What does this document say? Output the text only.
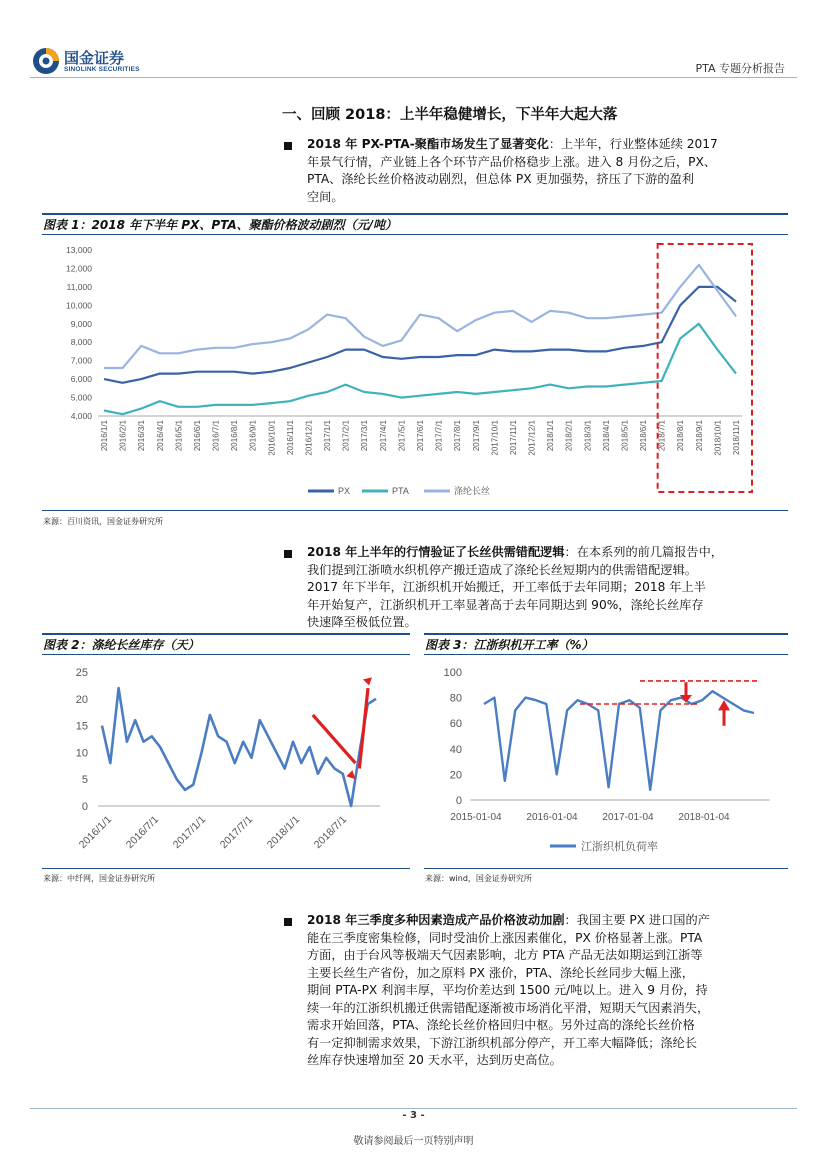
国金证券
SINOLINK SECURITIES	PTA 专题分析报告
一、回顾 2018：上半年稳健增长，下半年大起大落
2018 年 PX-PTA-聚酯市场发生了显著变化：上半年，行业整体延续 2017
年景气行情，产业链上各个环节产品价格稳步上涨。进入 8 月份之后，PX、
PTA、涤纶长丝价格波动剧烈，但总体 PX 更加强势，挤压了下游的盈利
空间。
图表 1：2018 年下半年 PX、PTA、聚酯价格波动剧烈（元/吨）
13,000
12,000
11,000
10,000
9,000
8,000
7,000
6,000
5,000
4,000
2016/1/1 2016/2/1 2016/3/1 2016/4/1 2016/5/1 2016/6/1 2016/7/1 2016/8/1 2016/9/1 2016/10/1 2016/11/1 2016/12/1 2017/1/1 2017/2/1 2017/3/1 2017/4/1 2017/5/1 2017/6/1 2017/7/1 2017/8/1 2017/9/1 2017/10/1 2017/11/1 2017/12/1 2018/1/1 2018/2/1 2018/3/1 2018/4/1 2018/5/1 2018/6/1 2018/7/1 2018/8/1 2018/9/1 2018/10/1 2018/11/1
PX	PTA	涤纶长丝
来源：百川资讯，国金证券研究所
2018 年上半年的行情验证了长丝供需错配逻辑：在本系列的前几篇报告中，
我们提到江浙喷水织机停产搬迁造成了涤纶长丝短期内的供需错配逻辑。
2017 年下半年，江浙织机开始搬迁，开工率低于去年同期；2018 年上半
年开始复产，江浙织机开工率显著高于去年同期达到 90%，涤纶长丝库存
快速降至极低位置。
图表 2：涤纶长丝库存（天）	图表 3：江浙织机开工率（%）
25
20
15
10
5
0
2016/1/1 2016/7/1 2017/1/1 2017/7/1 2018/1/1 2018/7/1
100
80
60
40
20
0
2015-01-04 2016-01-04 2017-01-04 2018-01-04
江浙织机负荷率
来源：中纤网，国金证券研究所	来源：wind，国金证券研究所
2018 年三季度多种因素造成产品价格波动加剧：我国主要 PX 进口国的产
能在三季度密集检修，同时受油价上涨因素催化，PX 价格显著上涨。PTA
方面，由于台风等极端天气因素影响，北方 PTA 产品无法如期运到江浙等
主要长丝生产省份，加之原料 PX 涨价，PTA、涤纶长丝同步大幅上涨，
期间 PTA-PX 利润丰厚，平均价差达到 1500 元/吨以上。进入 9 月份，持
续一年的江浙织机搬迁供需错配逐渐被市场消化平滑，短期天气因素消失，
需求开始回落，PTA、涤纶长丝价格回归中枢。另外过高的涤纶长丝价格
有一定抑制需求效果，下游江浙织机部分停产，开工率大幅降低；涤纶长
丝库存快速增加至 20 天水平，达到历史高位。
- 3 -
敬请参阅最后一页特别声明
